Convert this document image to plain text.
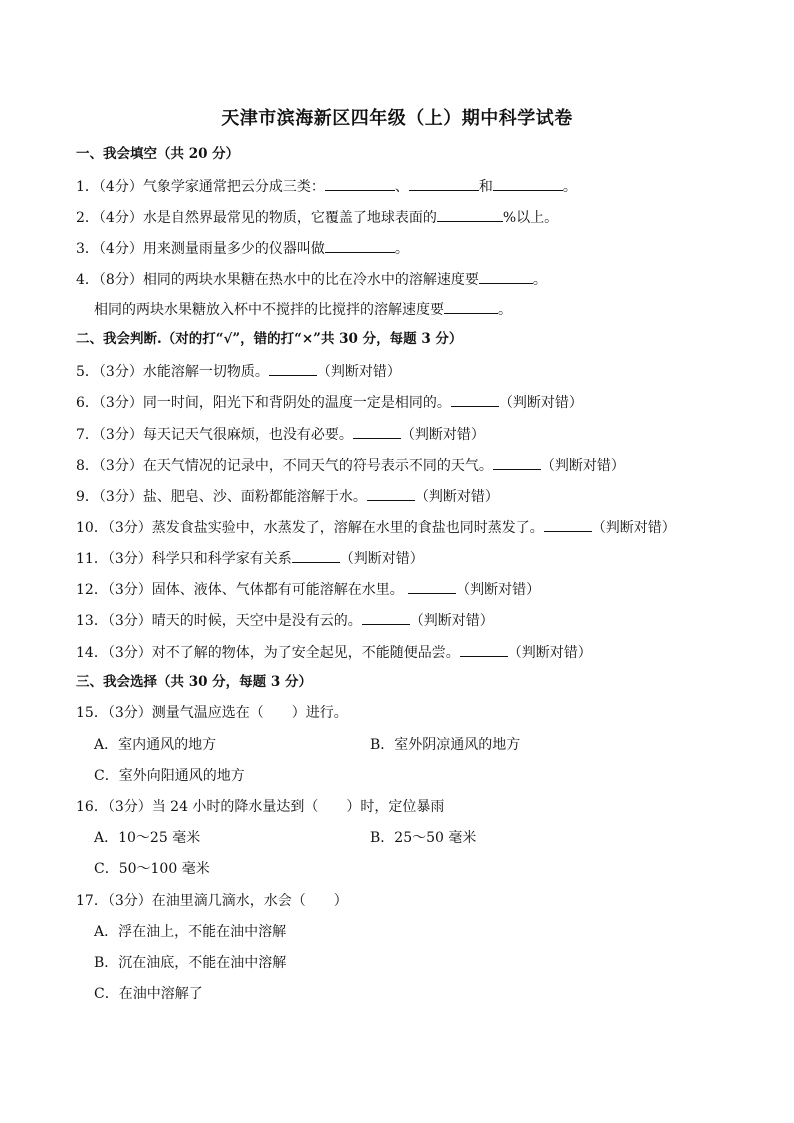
天津市滨海新区四年级（上）期中科学试卷
一、我会填空（共 20 分）
1．（4分）气象学家通常把云分成三类：	、	和	。
2．（4分）水是自然界最常见的物质，它覆盖了地球表面的	%以上。
3．（4分）用来测量雨量多少的仪器叫做	。
4．（8分）相同的两块水果糖在热水中的比在冷水中的溶解速度要	。
相同的两块水果糖放入杯中不搅拌的比搅拌的溶解速度要	。
二、我会判断.（对的打“√”，错的打“×”共 30 分，每题 3 分）
5．（3分）水能溶解一切物质。	（判断对错）
6．（3分）同一时间，阳光下和背阴处的温度一定是相同的。	（判断对错）
7．（3分）每天记天气很麻烦，也没有必要。	（判断对错）
8．（3分）在天气情况的记录中，不同天气的符号表示不同的天气。	（判断对错）
9．（3分）盐、肥皂、沙、面粉都能溶解于水。	（判断对错）
10．（3分）蒸发食盐实验中，水蒸发了，溶解在水里的食盐也同时蒸发了。	（判断对错）
11．（3分）科学只和科学家有关系	（判断对错）
12．（3分）固体、液体、气体都有可能溶解在水里。	（判断对错）
13．（3分）晴天的时候，天空中是没有云的。	（判断对错）
14．（3分）对不了解的物体，为了安全起见，不能随便品尝。	（判断对错）
三、我会选择（共 30 分，每题 3 分）
15．（3分）测量气温应选在（　　）进行。
A．室内通风的地方	B．室外阴凉通风的地方
C．室外向阳通风的地方
16．（3分）当 24 小时的降水量达到（　　）时，定位暴雨
A．10～25 毫米	B．25～50 毫米
C．50～100 毫米
17．（3分）在油里滴几滴水，水会（　　）
A．浮在油上，不能在油中溶解
B．沉在油底，不能在油中溶解
C．在油中溶解了
